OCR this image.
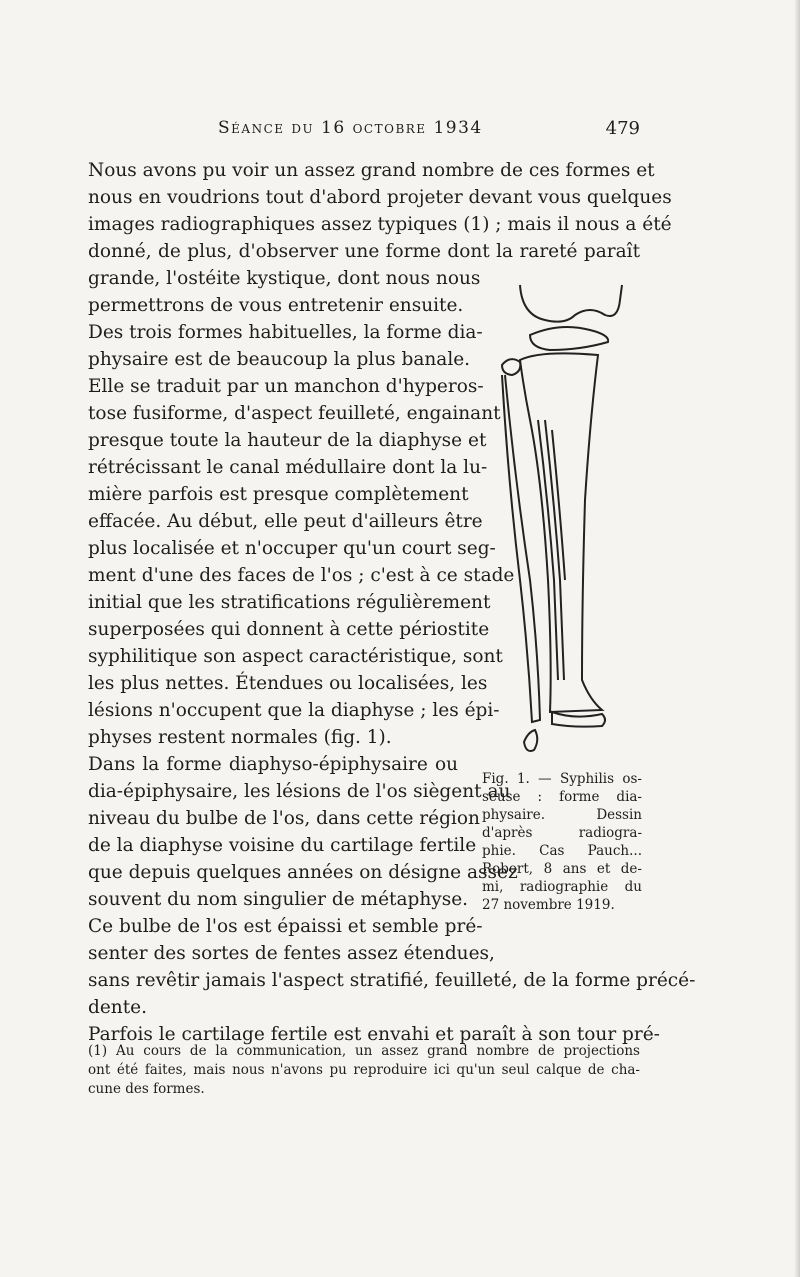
Séance du 16 octobre 1934	479
Nous avons pu voir un assez grand nombre de ces formes et
nous en voudrions tout d'abord projeter devant vous quelques
images radiographiques assez typiques (1) ; mais il nous a été
donné, de plus, d'observer une forme dont la rareté paraît
grande, l'ostéite kystique, dont nous nous
permettrons de vous entretenir ensuite.
Des trois formes habituelles, la forme dia-
physaire est de beaucoup la plus banale.
Elle se traduit par un manchon d'hyperos-
tose fusiforme, d'aspect feuilleté, engainant
presque toute la hauteur de la diaphyse et
rétrécissant le canal médullaire dont la lu-
mière parfois est presque complètement
effacée. Au début, elle peut d'ailleurs être
plus localisée et n'occuper qu'un court seg-
ment d'une des faces de l'os ; c'est à ce stade
initial que les stratifications régulièrement
superposées qui donnent à cette périostite
syphilitique son aspect caractéristique, sont
les plus nettes. Étendues ou localisées, les
lésions n'occupent que la diaphyse ; les épi-
physes restent normales (fig. 1).
Dans la forme diaphyso-épiphysaire ou
dia-épiphysaire, les lésions de l'os siègent au
niveau du bulbe de l'os, dans cette région
de la diaphyse voisine du cartilage fertile
que depuis quelques années on désigne assez
souvent du nom singulier de métaphyse.
Ce bulbe de l'os est épaissi et semble pré-
senter des sortes de fentes assez étendues,
sans revêtir jamais l'aspect stratifié, feuilleté, de la forme précé-
dente.
Parfois le cartilage fertile est envahi et paraît à son tour pré-
Fig. 1. — Syphilis os-
seuse : forme dia-
physaire. Dessin
d'après radiogra-
phie. Cas Pauch...
Robert, 8 ans et de-
mi, radiographie du
27 novembre 1919.
(1) Au cours de la communication, un assez grand nombre de projections
ont été faites, mais nous n'avons pu reproduire ici qu'un seul calque de cha-
cune des formes.
